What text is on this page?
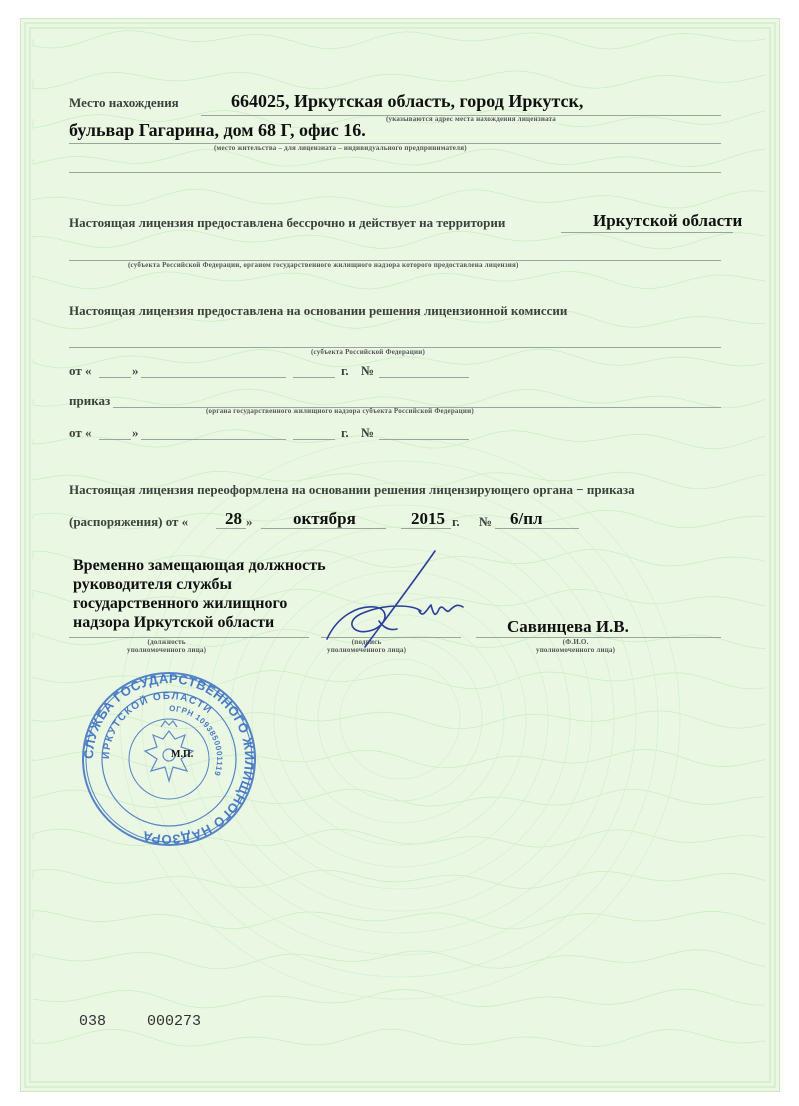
Место нахождения	664025, Иркутская область, город Иркутск,
(указываются адрес места нахождения лицензиата
бульвар Гагарина, дом 68 Г, офис 16.
(место жительства – для лицензиата – индивидуального предпринимателя)
Настоящая лицензия предоставлена бессрочно и действует на территории	Иркутской области
(субъекта Российской Федерации, органом государственного жилищного надзора которого предоставлена лицензия)
Настоящая лицензия предоставлена на основании решения лицензионной комиссии
(субъекта Российской Федерации)
от «	»	г. №
приказ
(органа государственного жилищного надзора субъекта Российской Федерации)
от «	»	г. №
Настоящая лицензия переоформлена на основании решения лицензирующего органа − приказа
(распоряжения) от « 28 » октября	2015 г. № 6/пл
Временно замещающая должность
руководителя службы
государственного жилищного
надзора Иркутской области	Савинцева И.В.
(должность
уполномоченного лица)
(подпись
уполномоченного лица)
(Ф.И.О.
уполномоченного лица)
СЛУЖБА ГОСУДАРСТВЕННОГО ЖИЛИЩНОГО НАДЗОРА
ИРКУТСКОЙ ОБЛАСТИ
ОГРН 1093850001119
М.П.
038	000273
